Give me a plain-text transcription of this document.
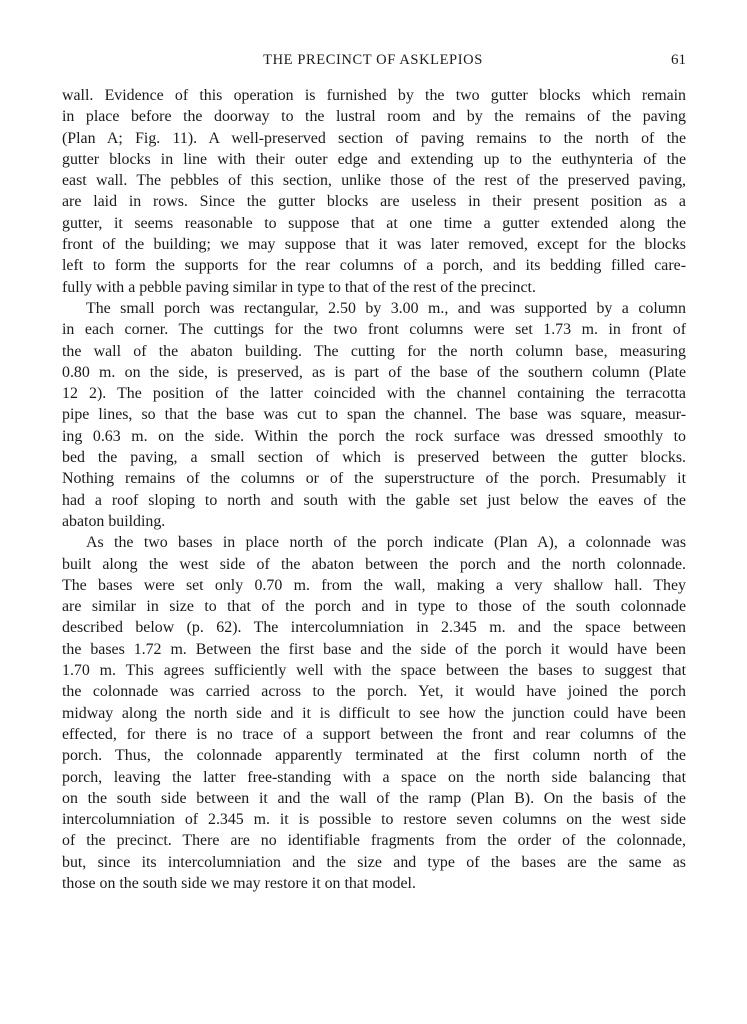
THE PRECINCT OF ASKLEPIOS	61

wall. Evidence of this operation is furnished by the two gutter blocks which remain
in place before the doorway to the lustral room and by the remains of the paving
(Plan A; Fig. 11). A well-preserved section of paving remains to the north of the
gutter blocks in line with their outer edge and extending up to the euthynteria of the
east wall. The pebbles of this section, unlike those of the rest of the preserved paving,
are laid in rows. Since the gutter blocks are useless in their present position as a
gutter, it seems reasonable to suppose that at one time a gutter extended along the
front of the building; we may suppose that it was later removed, except for the blocks
left to form the supports for the rear columns of a porch, and its bedding filled care-
fully with a pebble paving similar in type to that of the rest of the precinct.

The small porch was rectangular, 2.50 by 3.00 m., and was supported by a column
in each corner. The cuttings for the two front columns were set 1.73 m. in front of
the wall of the abaton building. The cutting for the north column base, measuring
0.80 m. on the side, is preserved, as is part of the base of the southern column (Plate
12 2). The position of the latter coincided with the channel containing the terracotta
pipe lines, so that the base was cut to span the channel. The base was square, measur-
ing 0.63 m. on the side. Within the porch the rock surface was dressed smoothly to
bed the paving, a small section of which is preserved between the gutter blocks.
Nothing remains of the columns or of the superstructure of the porch. Presumably it
had a roof sloping to north and south with the gable set just below the eaves of the
abaton building.

As the two bases in place north of the porch indicate (Plan A), a colonnade was
built along the west side of the abaton between the porch and the north colonnade.
The bases were set only 0.70 m. from the wall, making a very shallow hall. They
are similar in size to that of the porch and in type to those of the south colonnade
described below (p. 62). The intercolumniation in 2.345 m. and the space between
the bases 1.72 m. Between the first base and the side of the porch it would have been
1.70 m. This agrees sufficiently well with the space between the bases to suggest that
the colonnade was carried across to the porch. Yet, it would have joined the porch
midway along the north side and it is difficult to see how the junction could have been
effected, for there is no trace of a support between the front and rear columns of the
porch. Thus, the colonnade apparently terminated at the first column north of the
porch, leaving the latter free-standing with a space on the north side balancing that
on the south side between it and the wall of the ramp (Plan B). On the basis of the
intercolumniation of 2.345 m. it is possible to restore seven columns on the west side
of the precinct. There are no identifiable fragments from the order of the colonnade,
but, since its intercolumniation and the size and type of the bases are the same as
those on the south side we may restore it on that model.
